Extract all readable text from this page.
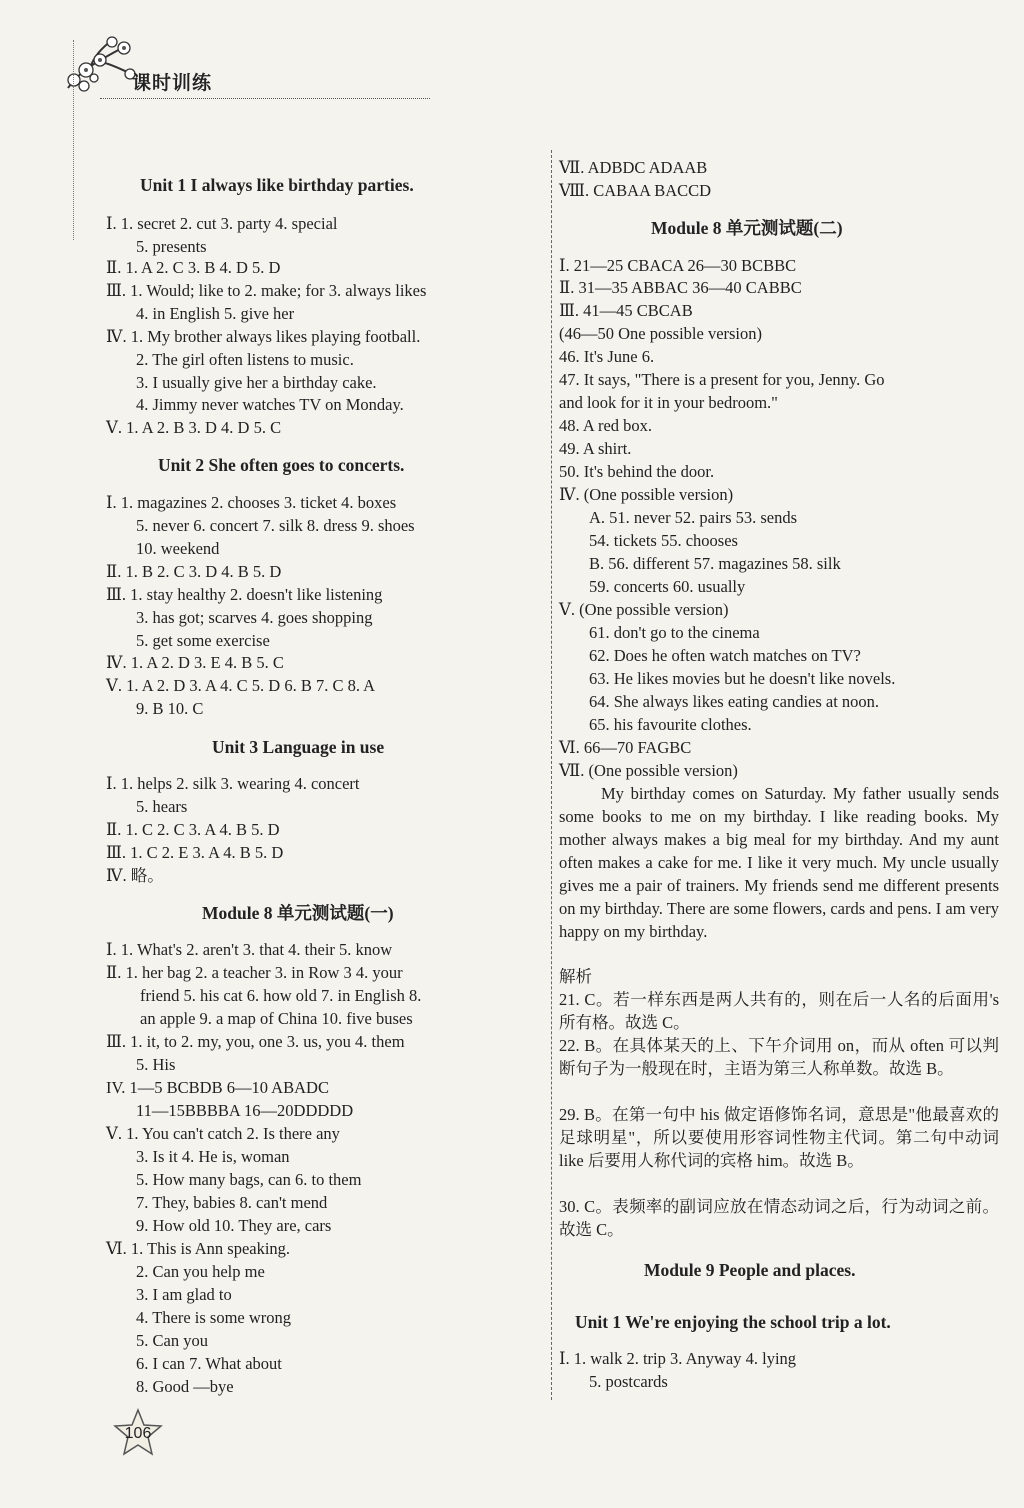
课时训练
Unit 1 I always like birthday parties.
Ⅰ. 1. secret 2. cut 3. party 4. special
5. presents
Ⅱ. 1. A 2. C 3. B 4. D 5. D
Ⅲ. 1. Would; like to 2. make; for 3. always likes
4. in English 5. give her
Ⅳ. 1. My brother always likes playing football.
2. The girl often listens to music.
3. I usually give her a birthday cake.
4. Jimmy never watches TV on Monday.
Ⅴ. 1. A 2. B 3. D 4. D 5. C
Unit 2 She often goes to concerts.
Ⅰ. 1. magazines 2. chooses 3. ticket 4. boxes
5. never 6. concert 7. silk 8. dress 9. shoes
10. weekend
Ⅱ. 1. B 2. C 3. D 4. B 5. D
Ⅲ. 1. stay healthy 2. doesn't like listening
3. has got; scarves 4. goes shopping
5. get some exercise
Ⅳ. 1. A 2. D 3. E 4. B 5. C
Ⅴ. 1. A 2. D 3. A 4. C 5. D 6. B 7. C 8. A
9. B 10. C
Unit 3 Language in use
Ⅰ. 1. helps 2. silk 3. wearing 4. concert
5. hears
Ⅱ. 1. C 2. C 3. A 4. B 5. D
Ⅲ. 1. C 2. E 3. A 4. B 5. D
Ⅳ. 略。
Module 8 单元测试题(一)
Ⅰ. 1. What's 2. aren't 3. that 4. their 5. know
Ⅱ. 1. her bag 2. a teacher 3. in Row 3 4. your
friend 5. his cat 6. how old 7. in English 8.
an apple 9. a map of China 10. five buses
Ⅲ. 1. it, to 2. my, you, one 3. us, you 4. them
5. His
IV. 1—5 BCBDB 6—10 ABADC
11—15BBBBA 16—20DDDDD
Ⅴ. 1. You can't catch 2. Is there any
3. Is it 4. He is, woman
5. How many bags, can 6. to them
7. They, babies 8. can't mend
9. How old 10. They are, cars
Ⅵ. 1. This is Ann speaking.
2. Can you help me
3. I am glad to
4. There is some wrong
5. Can you
6. I can 7. What about
8. Good —bye
Ⅶ. ADBDC ADAAB
Ⅷ. CABAA BACCD
Module 8 单元测试题(二)
Ⅰ. 21—25 CBACA 26—30 BCBBC
Ⅱ. 31—35 ABBAC 36—40 CABBC
Ⅲ. 41—45 CBCAB
(46—50 One possible version)
46. It's June 6.
47. It says, "There is a present for you, Jenny. Go
and look for it in your bedroom."
48. A red box.
49. A shirt.
50. It's behind the door.
Ⅳ. (One possible version)
A. 51. never 52. pairs 53. sends
54. tickets 55. chooses
B. 56. different 57. magazines 58. silk
59. concerts 60. usually
Ⅴ. (One possible version)
61. don't go to the cinema
62. Does he often watch matches on TV?
63. He likes movies but he doesn't like novels.
64. She always likes eating candies at noon.
65. his favourite clothes.
Ⅵ. 66—70 FAGBC
Ⅶ. (One possible version)
My birthday comes on Saturday. My father usually sends some books to me on my birthday. I like reading books. My mother always makes a big meal for my birthday. And my aunt often makes a cake for me. I like it very much. My uncle usually gives me a pair of trainers. My friends send me different presents on my birthday. There are some flowers, cards and pens. I am very happy on my birthday.
解析
21. C。若一样东西是两人共有的，则在后一人名的后面用's所有格。故选 C。
22. B。在具体某天的上、下午介词用 on，而从 often 可以判断句子为一般现在时，主语为第三人称单数。故选 B。
29. B。在第一句中 his 做定语修饰名词，意思是"他最喜欢的足球明星"，所以要使用形容词性物主代词。第二句中动词 like 后要用人称代词的宾格 him。故选 B。
30. C。表频率的副词应放在情态动词之后，行为动词之前。故选 C。
Module 9 People and places.
Unit 1 We're enjoying the school trip a lot.
Ⅰ. 1. walk 2. trip 3. Anyway 4. lying
5. postcards
106
